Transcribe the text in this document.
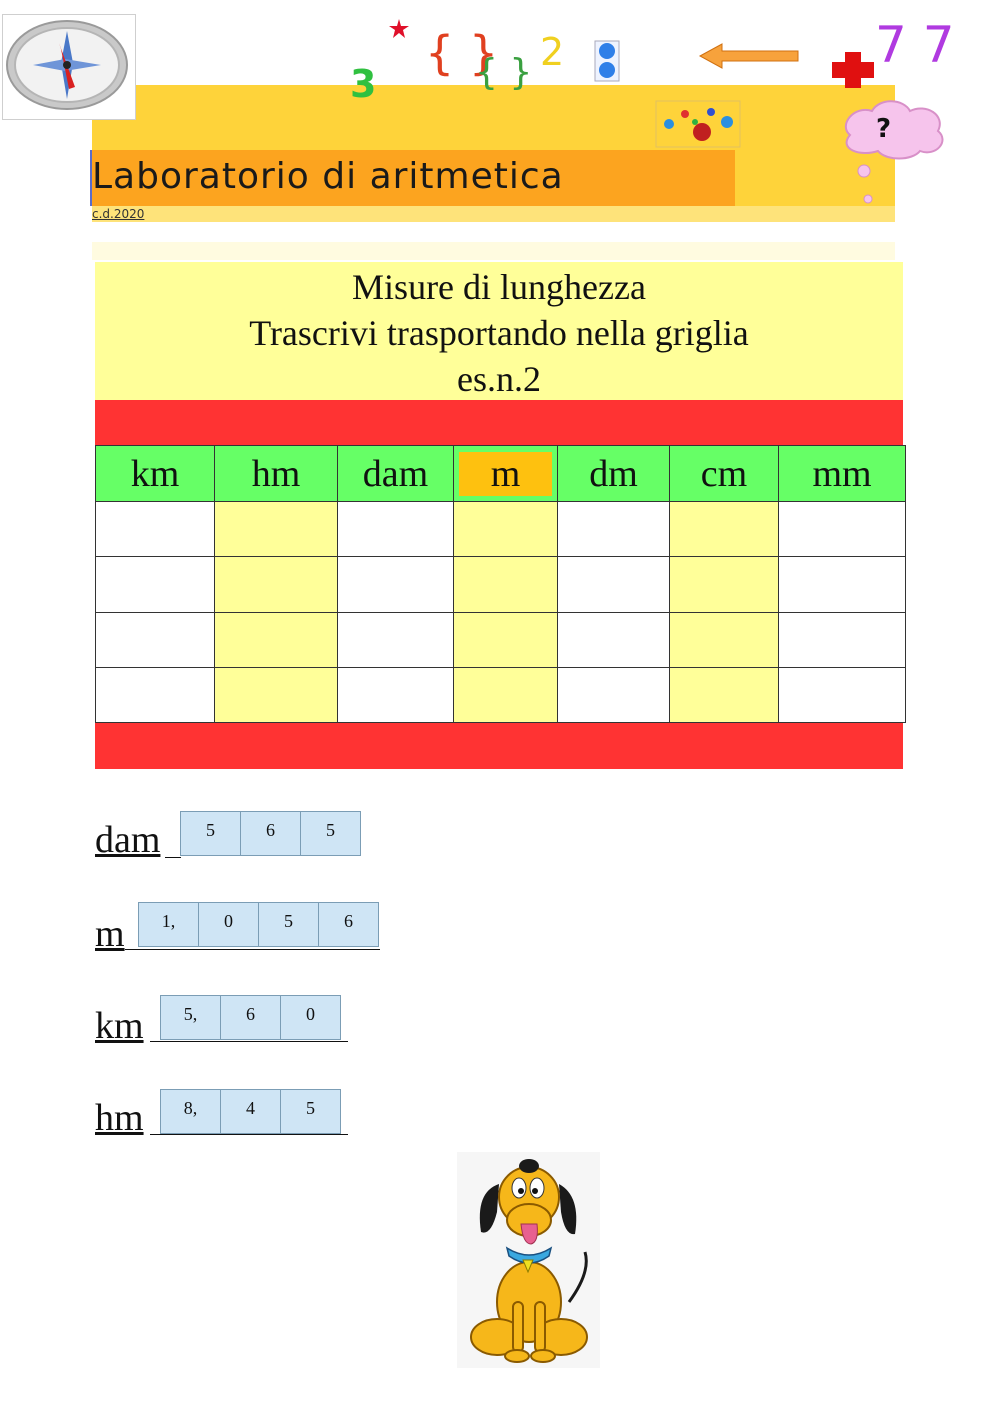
Laboratorio di aritmetica
c.d.2020
3
{ }
{ } 2	7 7
?
Misure di lunghezza
Trascrivi trasportando nella griglia
es.n.2
km	hm	dam	m	dm	cm	mm

dam	5	6	5
m	1,	0	5	6
km	5,	6	0
hm	8,	4	5
